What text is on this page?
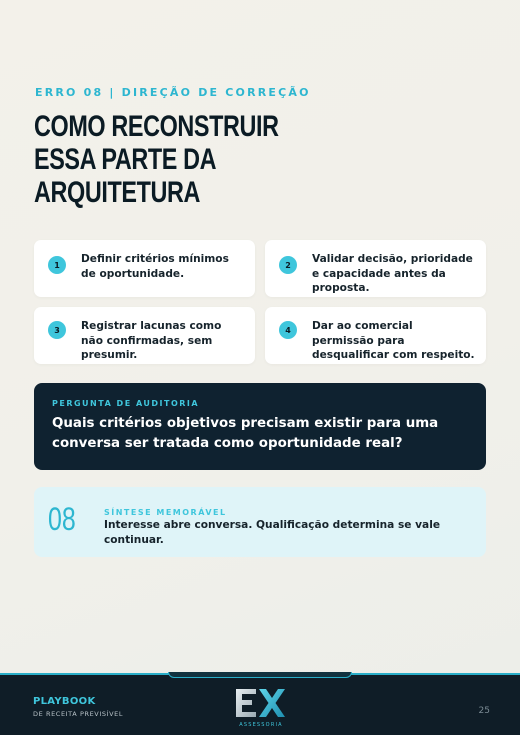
ERRO 08 | DIREÇÃO DE CORREÇÃO
COMO RECONSTRUIR
ESSA PARTE DA
ARQUITETURA
1	Definir critérios mínimos de oportunidade.
2	Validar decisão, prioridade e capacidade antes da proposta.
3	Registrar lacunas como não confirmadas, sem presumir.
4	Dar ao comercial permissão para desqualificar com respeito.
PERGUNTA DE AUDITORIA
Quais critérios objetivos precisam existir para uma conversa ser tratada como oportunidade real?
08	SÍNTESE MEMORÁVEL
Interesse abre conversa. Qualificação determina se vale continuar.
PLAYBOOK
DE RECEITA PREVISÍVEL
ASSESSORIA
25
